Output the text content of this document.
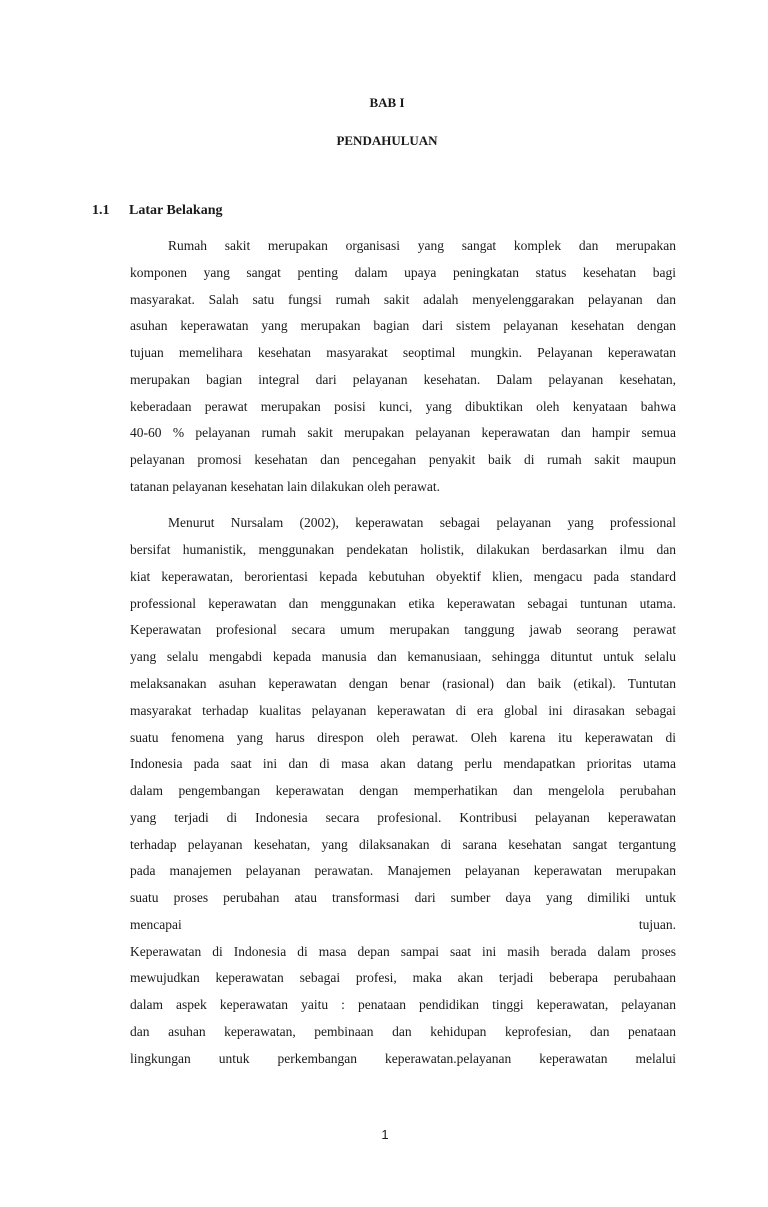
BAB I
PENDAHULUAN
1.1 Latar Belakang
Rumah sakit merupakan organisasi yang sangat komplek dan merupakan
komponen yang sangat penting dalam upaya peningkatan status kesehatan bagi
masyarakat. Salah satu fungsi rumah sakit adalah menyelenggarakan pelayanan dan
asuhan keperawatan yang merupakan bagian dari sistem pelayanan kesehatan dengan
tujuan memelihara kesehatan masyarakat seoptimal mungkin. Pelayanan keperawatan
merupakan bagian integral dari pelayanan kesehatan. Dalam pelayanan kesehatan,
keberadaan perawat merupakan posisi kunci, yang dibuktikan oleh kenyataan bahwa
40-60 % pelayanan rumah sakit merupakan pelayanan keperawatan dan hampir semua
pelayanan promosi kesehatan dan pencegahan penyakit baik di rumah sakit maupun
tatanan pelayanan kesehatan lain dilakukan oleh perawat.
Menurut Nursalam (2002), keperawatan sebagai pelayanan yang professional
bersifat humanistik, menggunakan pendekatan holistik, dilakukan berdasarkan ilmu dan
kiat keperawatan, berorientasi kepada kebutuhan obyektif klien, mengacu pada standard
professional keperawatan dan menggunakan etika keperawatan sebagai tuntunan utama.
Keperawatan profesional secara umum merupakan tanggung jawab seorang perawat
yang selalu mengabdi kepada manusia dan kemanusiaan, sehingga dituntut untuk selalu
melaksanakan asuhan keperawatan dengan benar (rasional) dan baik (etikal). Tuntutan
masyarakat terhadap kualitas pelayanan keperawatan di era global ini dirasakan sebagai
suatu fenomena yang harus direspon oleh perawat. Oleh karena itu keperawatan di
Indonesia pada saat ini dan di masa akan datang perlu mendapatkan prioritas utama
dalam pengembangan keperawatan dengan memperhatikan dan mengelola perubahan
yang terjadi di Indonesia secara profesional. Kontribusi pelayanan keperawatan
terhadap pelayanan kesehatan, yang dilaksanakan di sarana kesehatan sangat tergantung
pada manajemen pelayanan perawatan. Manajemen pelayanan keperawatan merupakan
suatu proses perubahan atau transformasi dari sumber daya yang dimiliki untuk
mencapai tujuan.
Keperawatan di Indonesia di masa depan sampai saat ini masih berada dalam proses
mewujudkan keperawatan sebagai profesi, maka akan terjadi beberapa perubahaan
dalam aspek keperawatan yaitu : penataan pendidikan tinggi keperawatan, pelayanan
dan asuhan keperawatan, pembinaan dan kehidupan keprofesian, dan penataan
lingkungan untuk perkembangan keperawatan.pelayanan keperawatan melalui
1
